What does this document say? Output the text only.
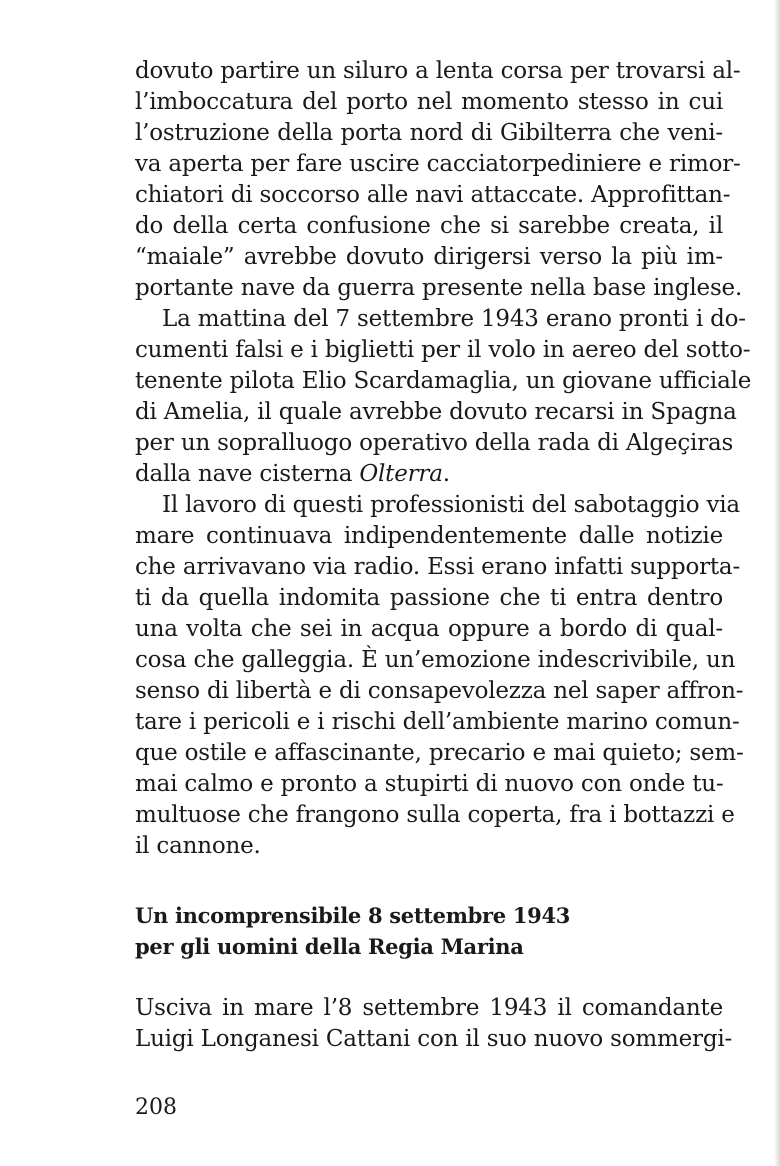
dovuto partire un siluro a lenta corsa per trovarsi al-
l’imboccatura del porto nel momento stesso in cui
l’ostruzione della porta nord di Gibilterra che veni-
va aperta per fare uscire cacciatorpediniere e rimor-
chiatori di soccorso alle navi attaccate. Approfittan-
do della certa confusione che si sarebbe creata, il
“maiale” avrebbe dovuto dirigersi verso la più im-
portante nave da guerra presente nella base inglese.
La mattina del 7 settembre 1943 erano pronti i do-
cumenti falsi e i biglietti per il volo in aereo del sotto-
tenente pilota Elio Scardamaglia, un giovane ufficiale
di Amelia, il quale avrebbe dovuto recarsi in Spagna
per un sopralluogo operativo della rada di Algeçiras
dalla nave cisterna Olterra.
Il lavoro di questi professionisti del sabotaggio via
mare continuava indipendentemente dalle notizie
che arrivavano via radio. Essi erano infatti supporta-
ti da quella indomita passione che ti entra dentro
una volta che sei in acqua oppure a bordo di qual-
cosa che galleggia. È un’emozione indescrivibile, un
senso di libertà e di consapevolezza nel saper affron-
tare i pericoli e i rischi dell’ambiente marino comun-
que ostile e affascinante, precario e mai quieto; sem-
mai calmo e pronto a stupirti di nuovo con onde tu-
multuose che frangono sulla coperta, fra i bottazzi e
il cannone.
Un incomprensibile 8 settembre 1943
per gli uomini della Regia Marina
Usciva in mare l’8 settembre 1943 il comandante
Luigi Longanesi Cattani con il suo nuovo sommergi-
208
